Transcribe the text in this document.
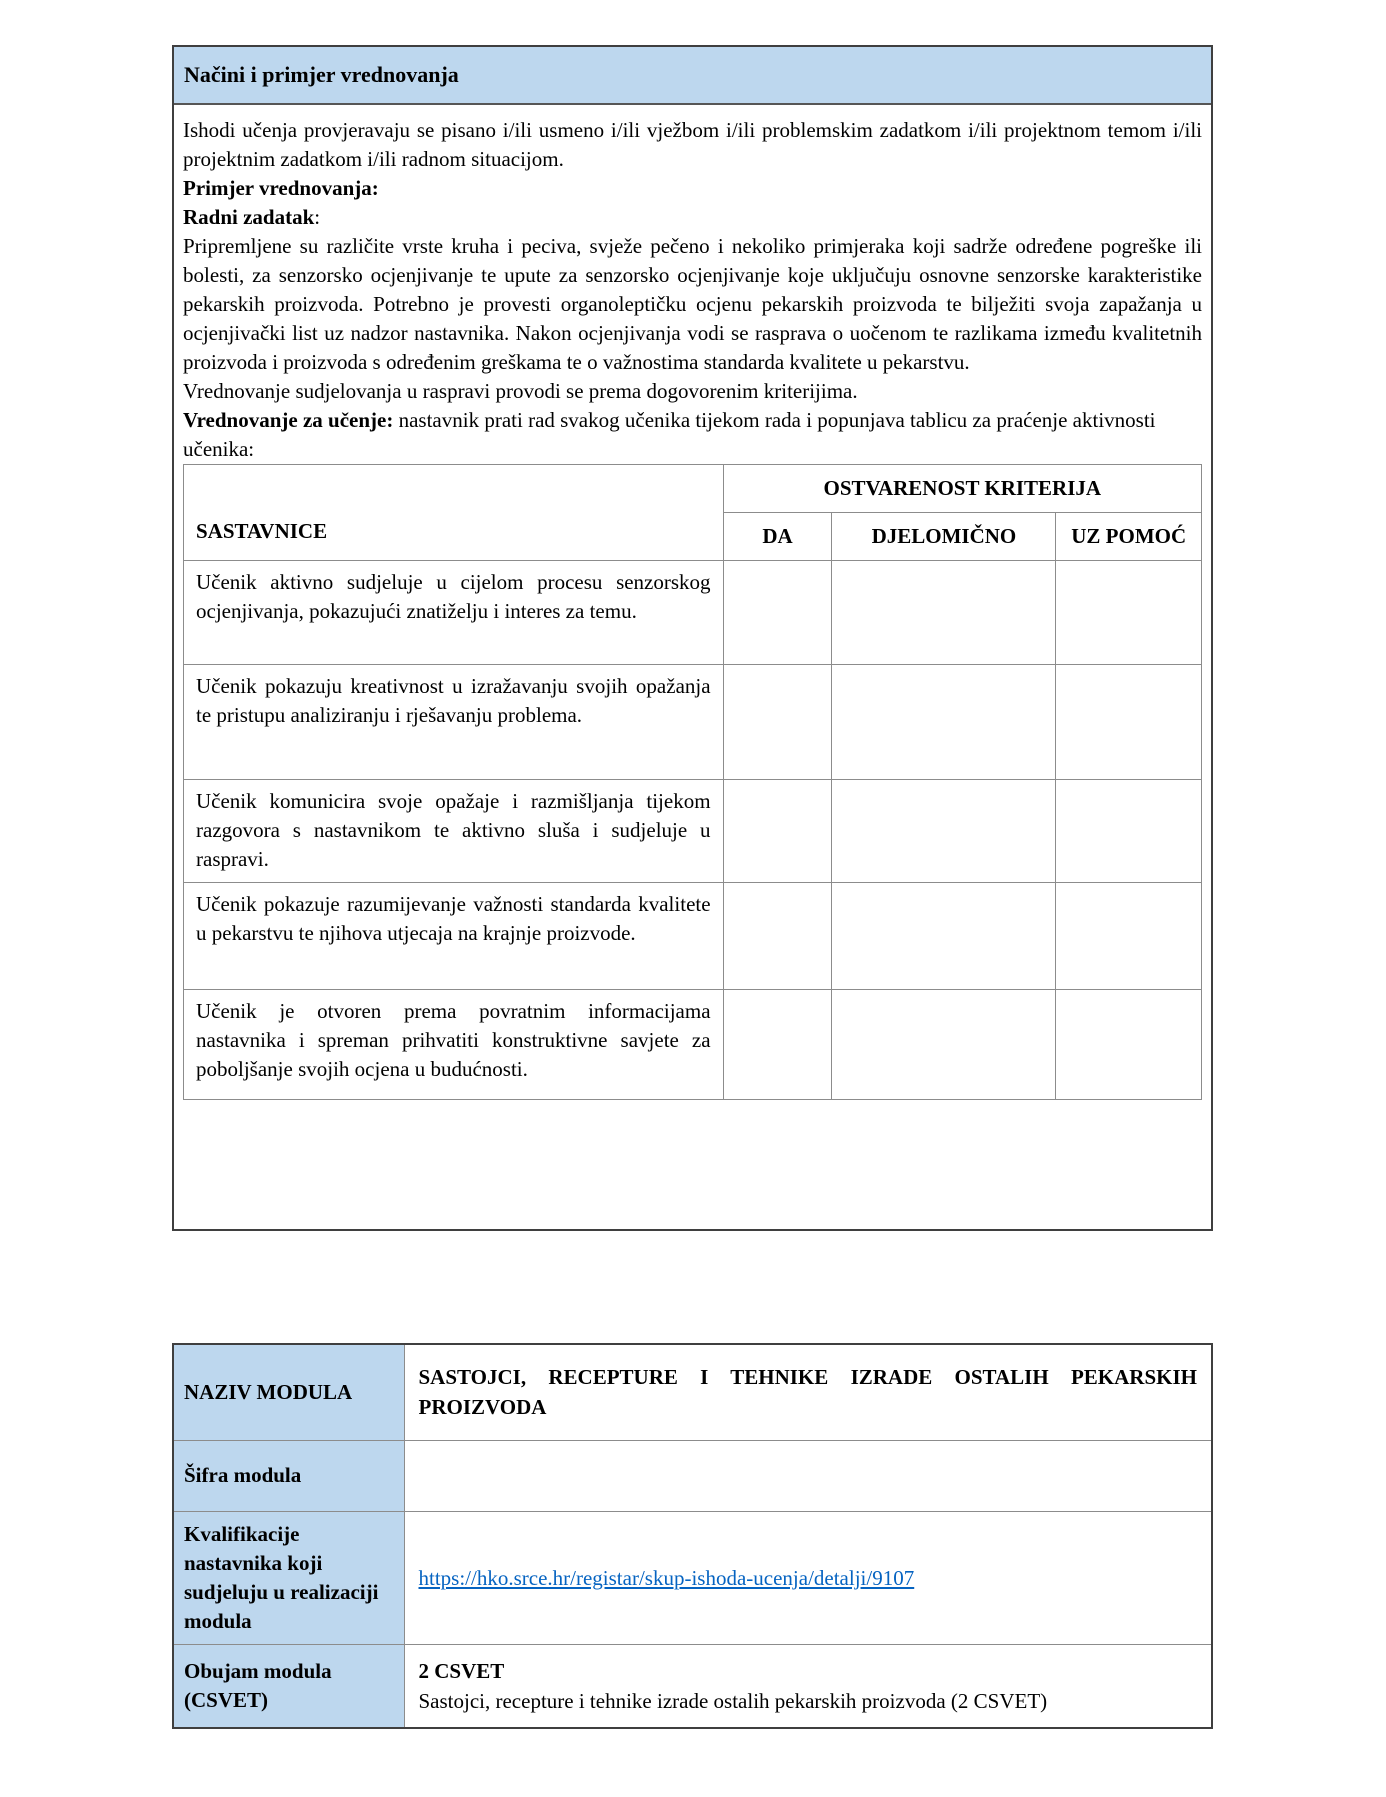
Načini i primjer vrednovanja

Ishodi učenja provjeravaju se pisano i/ili usmeno i/ili vježbom i/ili problemskim zadatkom i/ili projektnom temom i/ili projektnim zadatkom i/ili radnom situacijom.

Primjer vrednovanja:

Radni zadatak:

Pripremljene su različite vrste kruha i peciva, svježe pečeno i nekoliko primjeraka koji sadrže određene pogreške ili bolesti, za senzorsko ocjenjivanje te upute za senzorsko ocjenjivanje koje uključuju osnovne senzorske karakteristike pekarskih proizvoda. Potrebno je provesti organoleptičku ocjenu pekarskih proizvoda te bilježiti svoja zapažanja u ocjenjivački list uz nadzor nastavnika. Nakon ocjenjivanja vodi se rasprava o uočenom te razlikama između kvalitetnih proizvoda i proizvoda s određenim greškama te o važnostima standarda kvalitete u pekarstvu.

Vrednovanje sudjelovanja u raspravi provodi se prema dogovorenim kriterijima.

Vrednovanje za učenje: nastavnik prati rad svakog učenika tijekom rada i popunjava tablicu za praćenje aktivnosti učenika:

SASTAVNICE	OSTVARENOST KRITERIJA		
	DA	DJELOMIČNO	UZ POMOĆ
Učenik aktivno sudjeluje u cijelom procesu senzorskog ocjenjivanja, pokazujući znatiželju i interes za temu.			
Učenik pokazuju kreativnost u izražavanju svojih opažanja te pristupu analiziranju i rješavanju problema.			
Učenik komunicira svoje opažaje i razmišljanja tijekom razgovora s nastavnikom te aktivno sluša i sudjeluje u raspravi.			
Učenik pokazuje razumijevanje važnosti standarda kvalitete u pekarstvu te njihova utjecaja na krajnje proizvode.			
Učenik je otvoren prema povratnim informacijama nastavnika i spreman prihvatiti konstruktivne savjete za poboljšanje svojih ocjena u budućnosti.			
NAZIV MODULA	SASTOJCI, RECEPTURE I TEHNIKE IZRADE OSTALIH PEKARSKIH PROIZVODA
Šifra modula	
Kvalifikacije nastavnika koji sudjeluju u realizaciji modula	https://hko.srce.hr/registar/skup-ishoda-ucenja/detalji/9107
Obujam modula (CSVET)	2 CSVET
Sastojci, recepture i tehnike izrade ostalih pekarskih proizvoda (2 CSVET)
